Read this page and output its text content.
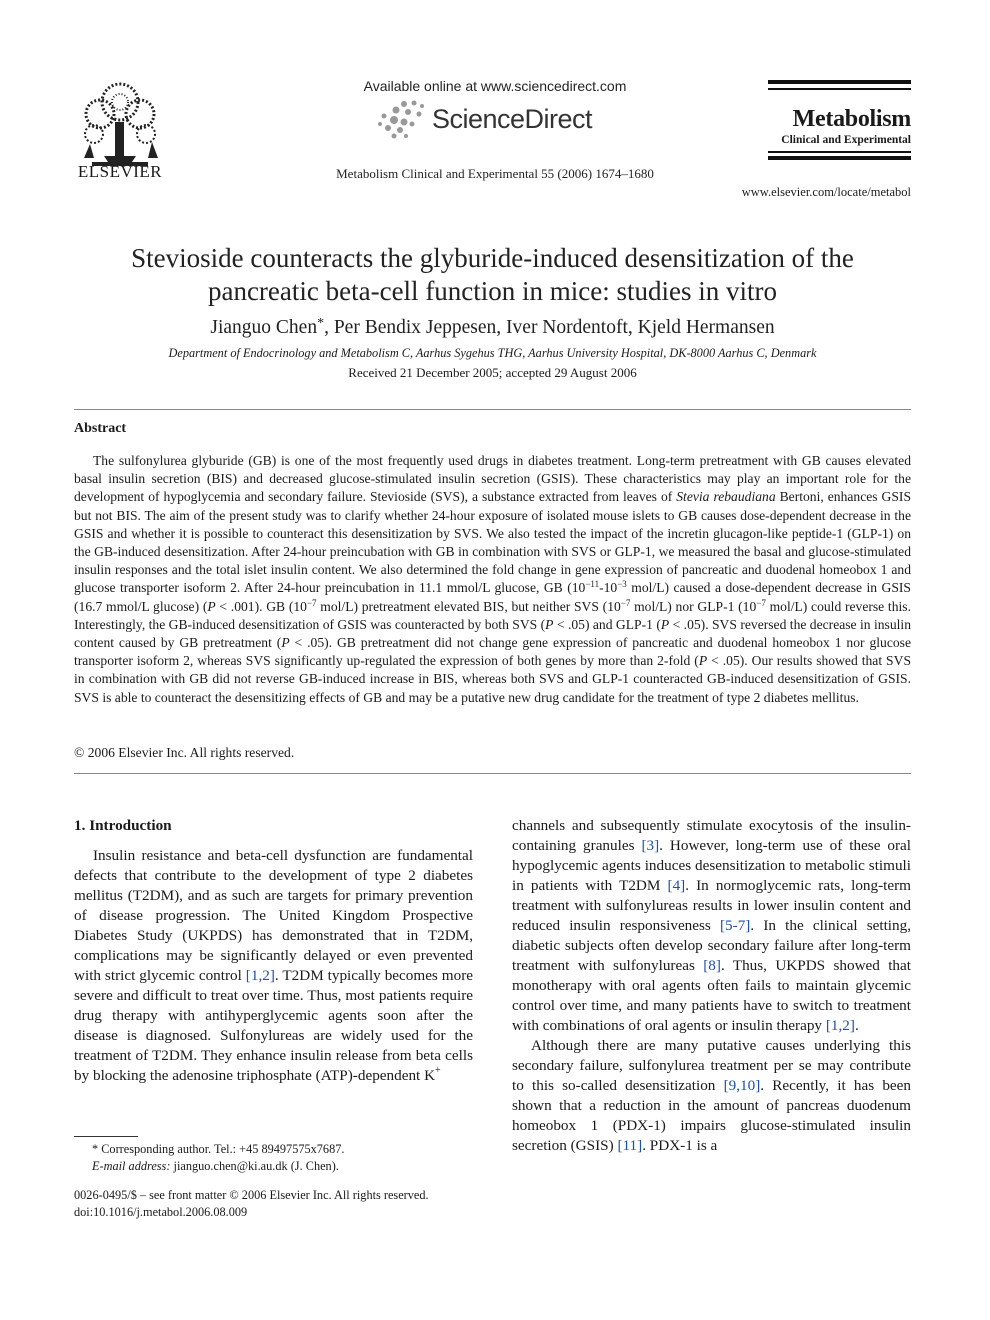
ELSEVIER
Available online at www.sciencedirect.com
ScienceDirect
Metabolism Clinical and Experimental 55 (2006) 1674–1680
Metabolism
Clinical and Experimental
www.elsevier.com/locate/metabol
Stevioside counteracts the glyburide-induced desensitization of the
pancreatic beta-cell function in mice: studies in vitro
Jianguo Chen*, Per Bendix Jeppesen, Iver Nordentoft, Kjeld Hermansen
Department of Endocrinology and Metabolism C, Aarhus Sygehus THG, Aarhus University Hospital, DK-8000 Aarhus C, Denmark
Received 21 December 2005; accepted 29 August 2006
Abstract
The sulfonylurea glyburide (GB) is one of the most frequently used drugs in diabetes treatment. Long-term pretreatment with GB causes elevated basal insulin secretion (BIS) and decreased glucose-stimulated insulin secretion (GSIS). These characteristics may play an important role for the development of hypoglycemia and secondary failure. Stevioside (SVS), a substance extracted from leaves of Stevia rebaudiana Bertoni, enhances GSIS but not BIS. The aim of the present study was to clarify whether 24-hour exposure of isolated mouse islets to GB causes dose-dependent decrease in the GSIS and whether it is possible to counteract this desensitization by SVS. We also tested the impact of the incretin glucagon-like peptide-1 (GLP-1) on the GB-induced desensitization. After 24-hour preincubation with GB in combination with SVS or GLP-1, we measured the basal and glucose-stimulated insulin responses and the total islet insulin content. We also determined the fold change in gene expression of pancreatic and duodenal homeobox 1 and glucose transporter isoform 2. After 24-hour preincubation in 11.1 mmol/L glucose, GB ($10^{-11}-10^{-3}$ mol/L) caused a dose-dependent decrease in GSIS (16.7 mmol/L glucose) (P < .001). GB ($10^{-7}$ mol/L) pretreatment elevated BIS, but neither SVS ($10^{-7}$ mol/L) nor GLP-1 ($10^{-7}$ mol/L) could reverse this. Interestingly, the GB-induced desensitization of GSIS was counteracted by both SVS (P < .05) and GLP-1 (P < .05). SVS reversed the decrease in insulin content caused by GB pretreatment (P < .05). GB pretreatment did not change gene expression of pancreatic and duodenal homeobox 1 nor glucose transporter isoform 2, whereas SVS significantly up-regulated the expression of both genes by more than 2-fold (P < .05). Our results showed that SVS in combination with GB did not reverse GB-induced increase in BIS, whereas both SVS and GLP-1 counteracted GB-induced desensitization of GSIS. SVS is able to counteract the desensitizing effects of GB and may be a putative new drug candidate for the treatment of type 2 diabetes mellitus.
© 2006 Elsevier Inc. All rights reserved.
1. Introduction
Insulin resistance and beta-cell dysfunction are fundamental defects that contribute to the development of type 2 diabetes mellitus (T2DM), and as such are targets for primary prevention of disease progression. The United Kingdom Prospective Diabetes Study (UKPDS) has demonstrated that in T2DM, complications may be significantly delayed or even prevented with strict glycemic control [1,2]. T2DM typically becomes more severe and difficult to treat over time. Thus, most patients require drug therapy with antihyperglycemic agents soon after the disease is diagnosed. Sulfonylureas are widely used for the treatment of T2DM. They enhance insulin release from beta cells by blocking the adenosine triphosphate (ATP)-dependent K+
* Corresponding author. Tel.: +45 89497575x7687.
E-mail address: jianguo.chen@ki.au.dk (J. Chen).
0026-0495/$ – see front matter © 2006 Elsevier Inc. All rights reserved.
doi:10.1016/j.metabol.2006.08.009
channels and subsequently stimulate exocytosis of the insulin-containing granules [3]. However, long-term use of these oral hypoglycemic agents induces desensitization to metabolic stimuli in patients with T2DM [4]. In normoglycemic rats, long-term treatment with sulfonylureas results in lower insulin content and reduced insulin responsiveness [5-7]. In the clinical setting, diabetic subjects often develop secondary failure after long-term treatment with sulfonylureas [8]. Thus, UKPDS showed that monotherapy with oral agents often fails to maintain glycemic control over time, and many patients have to switch to treatment with combinations of oral agents or insulin therapy [1,2].
Although there are many putative causes underlying this secondary failure, sulfonylurea treatment per se may contribute to this so-called desensitization [9,10]. Recently, it has been shown that a reduction in the amount of pancreas duodenum homeobox 1 (PDX-1) impairs glucose-stimulated insulin secretion (GSIS) [11]. PDX-1 is a
